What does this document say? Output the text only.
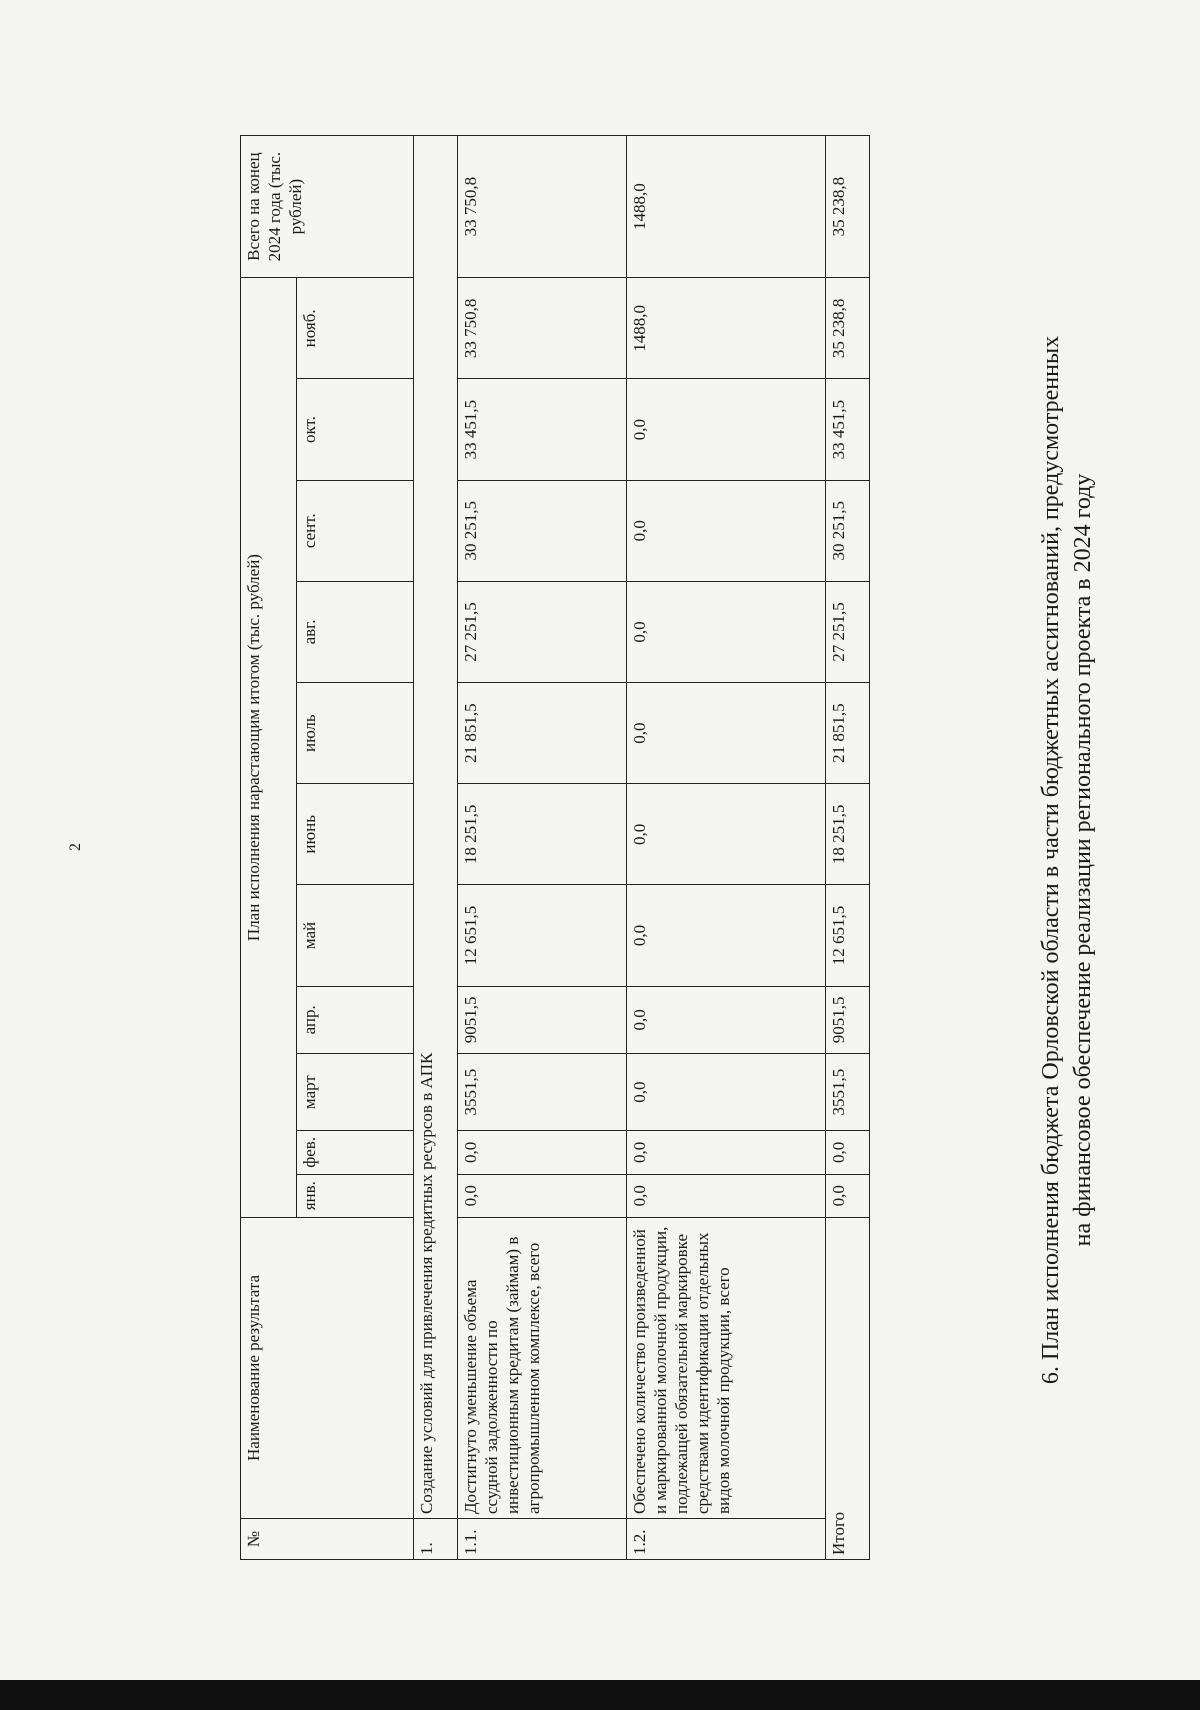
2	6. План исполнения бюджета Орловской области в части бюджетных ассигнований, предусмотренных на финансовое обеспечение реализации регионального проекта в 2024 году
№	Наименование результата	План исполнения нарастающим итогом (тыс. рублей)											Всего на конец 2024 года (тыс. рублей)
		янв.	фев.	март	апр.	май	июнь	июль	авг.	сент.	окт.	нояб.	
1.	Создание условий для привлечения кредитных ресурсов в АПК												
1.1.	Достигнуто уменьшение объема ссудной задолженности по инвестиционным кредитам (займам) в агропромышленном комплексе, всего	0,0	0,0	3551,5	9051,5	12 651,5	18 251,5	21 851,5	27 251,5	30 251,5	33 451,5	33 750,8	33 750,8
1.2.	Обеспечено количество произведенной и маркированной молочной продукции, подлежащей обязательной маркировке средствами идентификации отдельных видов молочной продукции, всего	0,0	0,0	0,0	0,0	0,0	0,0	0,0	0,0	0,0	0,0	1488,0	1488,0
Итого		0,0	0,0	3551,5	9051,5	12 651,5	18 251,5	21 851,5	27 251,5	30 251,5	33 451,5	35 238,8	35 238,8
